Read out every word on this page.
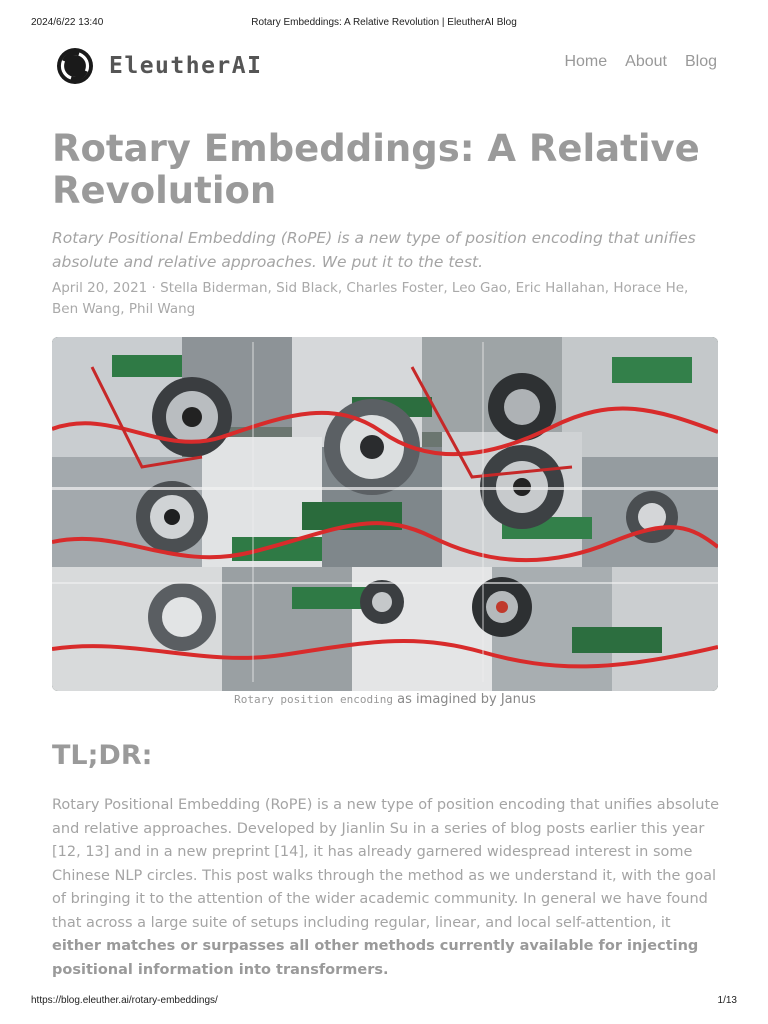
2024/6/22 13:40	Rotary Embeddings: A Relative Revolution | EleutherAI Blog
EleutherAI	Home About Blog
Rotary Embeddings: A Relative Revolution

Rotary Positional Embedding (RoPE) is a new type of position encoding that unifies absolute and relative approaches. We put it to the test.

April 20, 2021 · Stella Biderman, Sid Black, Charles Foster, Leo Gao, Eric Hallahan, Horace He, Ben Wang, Phil Wang

Rotary position encoding as imagined by Janus
TL;DR:

Rotary Positional Embedding (RoPE) is a new type of position encoding that unifies absolute and relative approaches. Developed by Jianlin Su in a series of blog posts earlier this year [12, 13] and in a new preprint [14], it has already garnered widespread interest in some Chinese NLP circles. This post walks through the method as we understand it, with the goal of bringing it to the attention of the wider academic community. In general we have found that across a large suite of setups including regular, linear, and local self-attention, it either matches or surpasses all other methods currently available for injecting positional information into transformers.

https://blog.eleuther.ai/rotary-embeddings/	1/13
